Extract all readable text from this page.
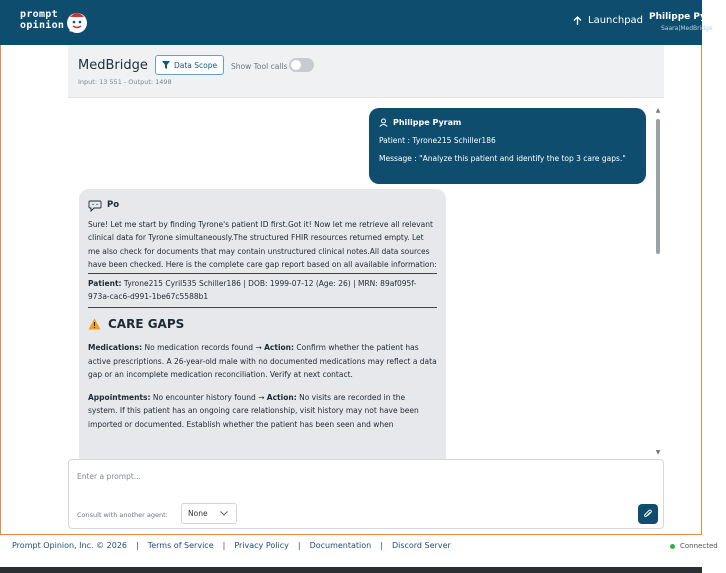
prompt
opinion	Launchpad Philippe Pyram
Saara|MedBridge
MedBridge	Data Scope Show Tool calls
Input: 13 551 - Output: 1498
Philippe Pyram
Patient : Tyrone215 Schiller186
Message : "Analyze this patient and identify the top 3 care gaps."
Po
Sure! Let me start by finding Tyrone's patient ID first.Got it! Now let me retrieve all relevant clinical data for Tyrone simultaneously.The structured FHIR resources returned empty. Let me also check for documents that may contain unstructured clinical notes.All data sources have been checked. Here is the complete care gap report based on all available information:
Patient: Tyrone215 Cyril535 Schiller186 | DOB: 1999-07-12 (Age: 26) | MRN: 89af095f-973a-cac6-d991-1be67c5588b1
CARE GAPS
Medications: No medication records found → Action: Confirm whether the patient has active prescriptions. A 26-year-old male with no documented medications may reflect a data gap or an incomplete medication reconciliation. Verify at next contact.
Appointments: No encounter history found → Action: No visits are recorded in the system. If this patient has an ongoing care relationship, visit history may not have been imported or documented. Establish whether the patient has been seen and when
▲
▼
Enter a prompt...
Consult with another agent:	None
Prompt Opinion, Inc. © 2026 | Terms of Service | Privacy Policy | Documentation | Discord Server	Connected
